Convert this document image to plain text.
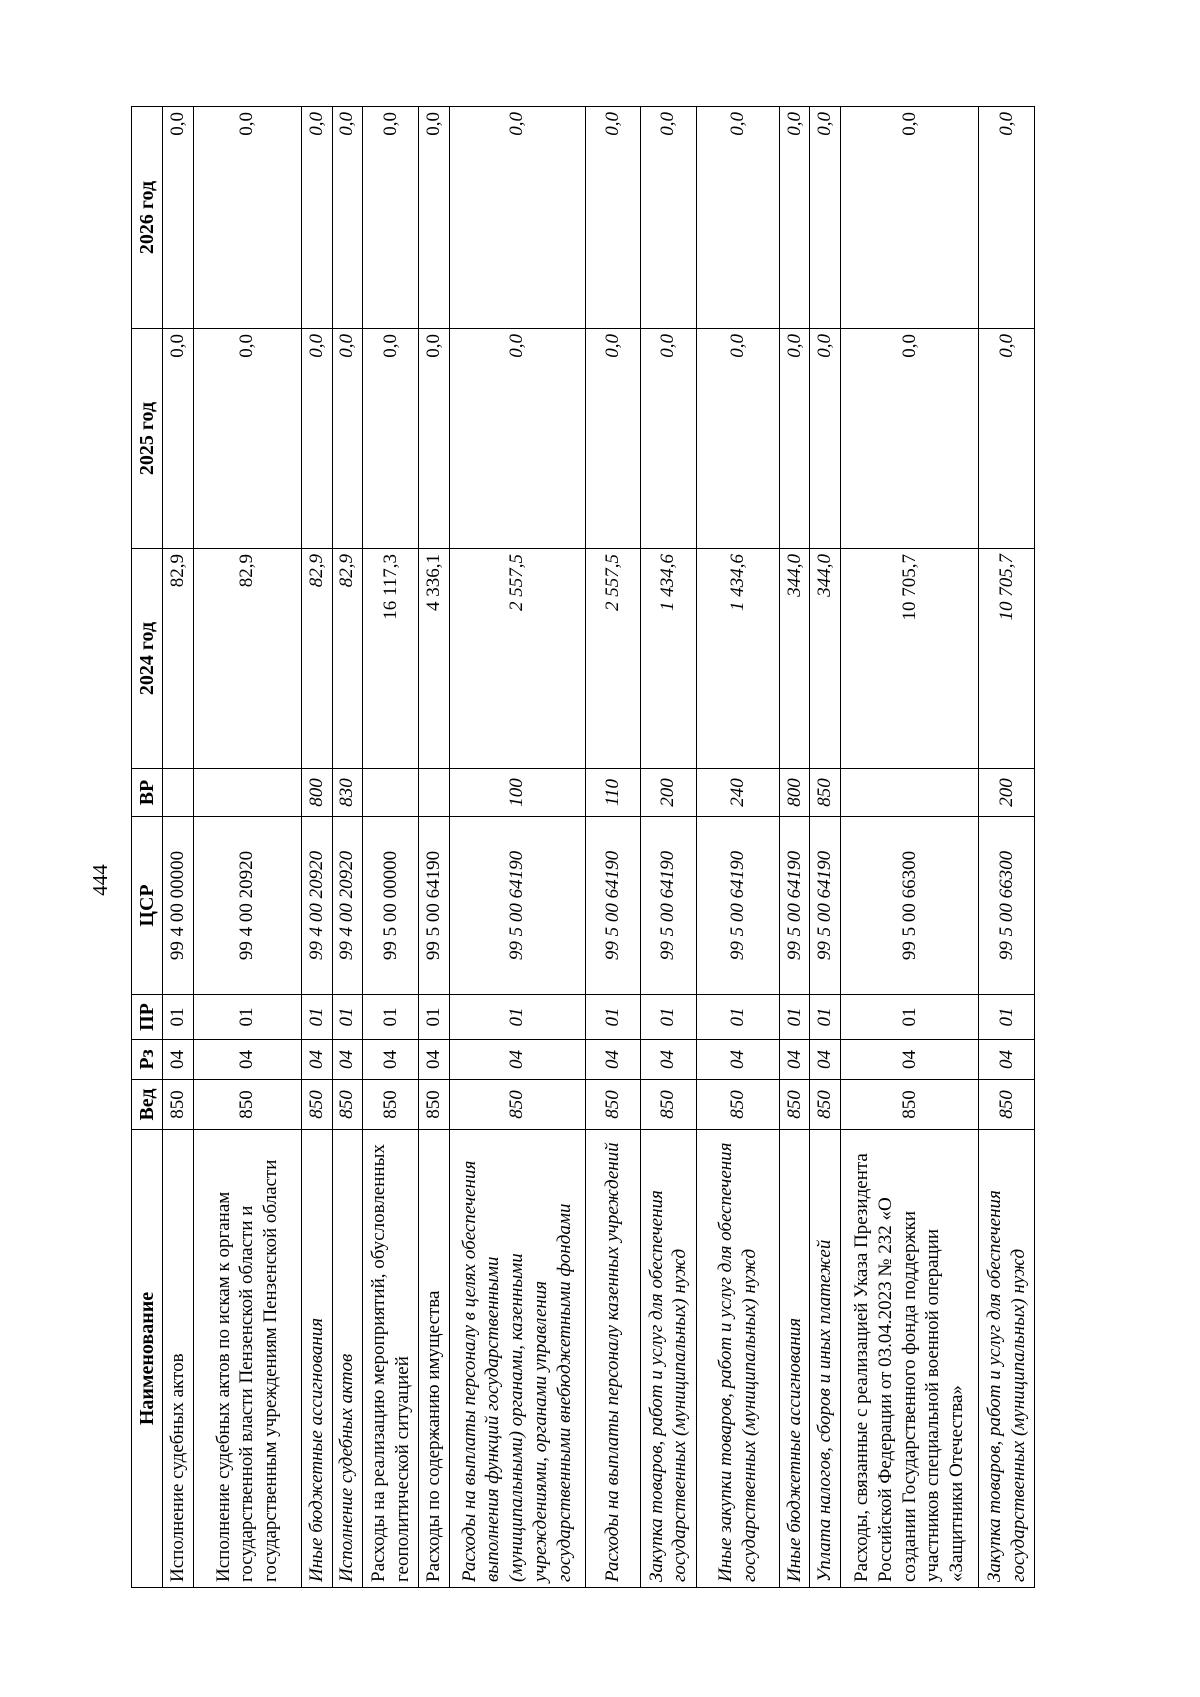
444
Наименование	Вед	Рз	ПР	ЦСР	ВР	2024 год	2025 год	2026 год
Исполнение судебных актов	850	04	01	99 4 00 00000		82,9	0,0	0,0
Исполнение судебных актов по искам к органам государственной власти Пензенской области и государственным учреждениям Пензенской области	850	04	01	99 4 00 20920		82,9	0,0	0,0
Иные бюджетные ассигнования	850	04	01	99 4 00 20920	800	82,9	0,0	0,0
Исполнение судебных актов	850	04	01	99 4 00 20920	830	82,9	0,0	0,0
Расходы на реализацию мероприятий, обусловленных геополитической ситуацией	850	04	01	99 5 00 00000		16 117,3	0,0	0,0
Расходы по содержанию имущества	850	04	01	99 5 00 64190		4 336,1	0,0	0,0
Расходы на выплаты персоналу в целях обеспечения выполнения функций государственными (муниципальными) органами, казенными учреждениями, органами управления государственными внебюджетными фондами	850	04	01	99 5 00 64190	100	2 557,5	0,0	0,0
Расходы на выплаты персоналу казенных учреждений	850	04	01	99 5 00 64190	110	2 557,5	0,0	0,0
Закупка товаров, работ и услуг для обеспечения государственных (муниципальных) нужд	850	04	01	99 5 00 64190	200	1 434,6	0,0	0,0
Иные закупки товаров, работ и услуг для обеспечения государственных (муниципальных) нужд	850	04	01	99 5 00 64190	240	1 434,6	0,0	0,0
Иные бюджетные ассигнования	850	04	01	99 5 00 64190	800	344,0	0,0	0,0
Уплата налогов, сборов и иных платежей	850	04	01	99 5 00 64190	850	344,0	0,0	0,0
Расходы, связанные с реализацией Указа Президента Российской Федерации от 03.04.2023 № 232 «О создании Государственного фонда поддержки участников специальной военной операции «Защитники Отечества»	850	04	01	99 5 00 66300		10 705,7	0,0	0,0
Закупка товаров, работ и услуг для обеспечения государственных (муниципальных) нужд	850	04	01	99 5 00 66300	200	10 705,7	0,0	0,0
